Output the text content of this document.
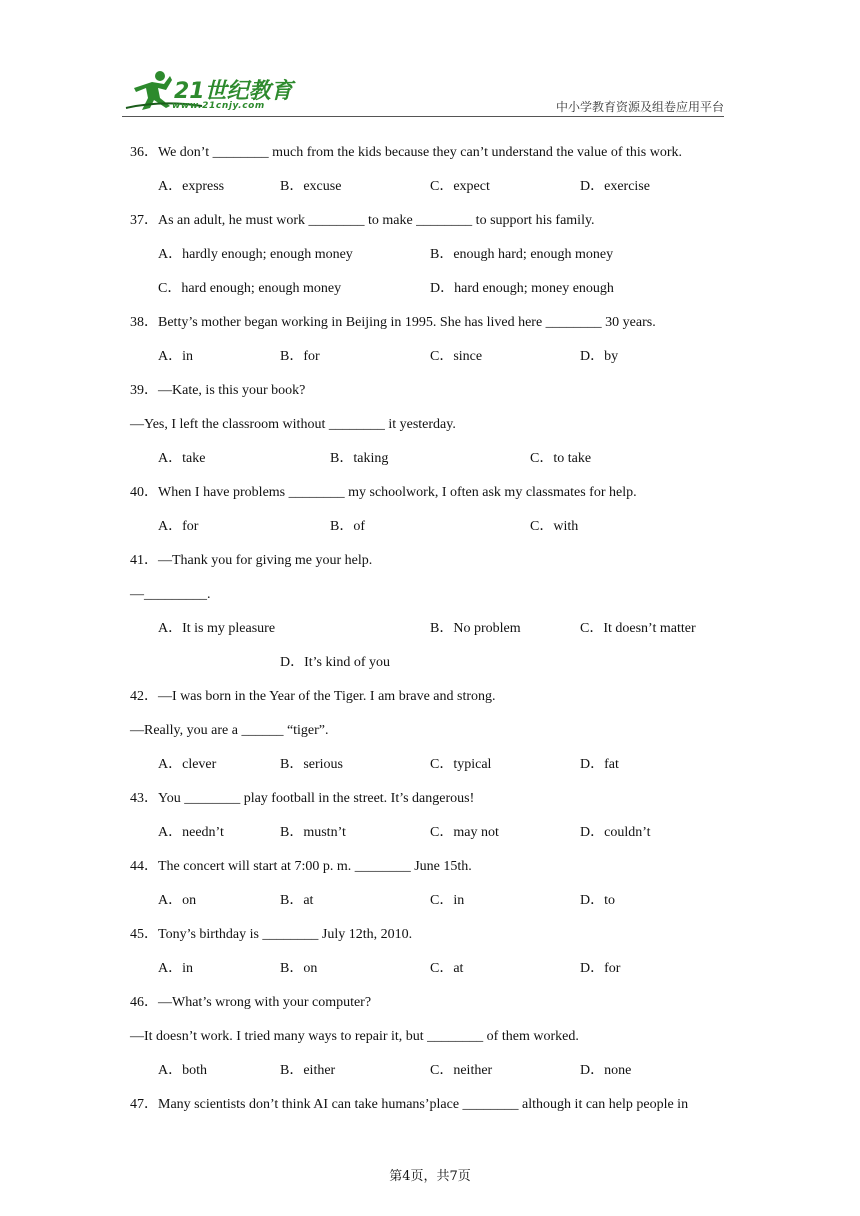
21世纪教育
www.21cnjy.com	中小学教育资源及组卷应用平台
36．We don’t ________ much from the kids because they can’t understand the value of this work.
A．express	B．excuse	C．expect	D．exercise
37．As an adult, he must work ________ to make ________ to support his family.
A．hardly enough; enough money	B．enough hard; enough money
C．hard enough; enough money	D．hard enough; money enough
38．Betty’s mother began working in Beijing in 1995. She has lived here ________ 30 years.
A．in	B．for	C．since	D．by
39．—Kate, is this your book?
—Yes, I left the classroom without ________ it yesterday.
A．take	B．taking	C．to take
40．When I have problems ________ my schoolwork, I often ask my classmates for help.
A．for	B．of	C．with
41．—Thank you for giving me your help.
—_________.
A．It is my pleasure	B．No problem	C．It doesn’t matter
D．It’s kind of you
42．—I was born in the Year of the Tiger. I am brave and strong.
—Really, you are a ______ “tiger”.
A．clever	B．serious	C．typical	D．fat
43．You ________ play football in the street. It’s dangerous!
A．needn’t	B．mustn’t	C．may not	D．couldn’t
44．The concert will start at 7:00 p. m. ________ June 15th.
A．on	B．at	C．in	D．to
45．Tony’s birthday is ________ July 12th, 2010.
A．in	B．on	C．at	D．for
46．—What’s wrong with your computer?
—It doesn’t work. I tried many ways to repair it, but ________ of them worked.
A．both	B．either	C．neither	D．none
47．Many scientists don’t think AI can take humans’place ________ although it can help people in
第4页，共7页
